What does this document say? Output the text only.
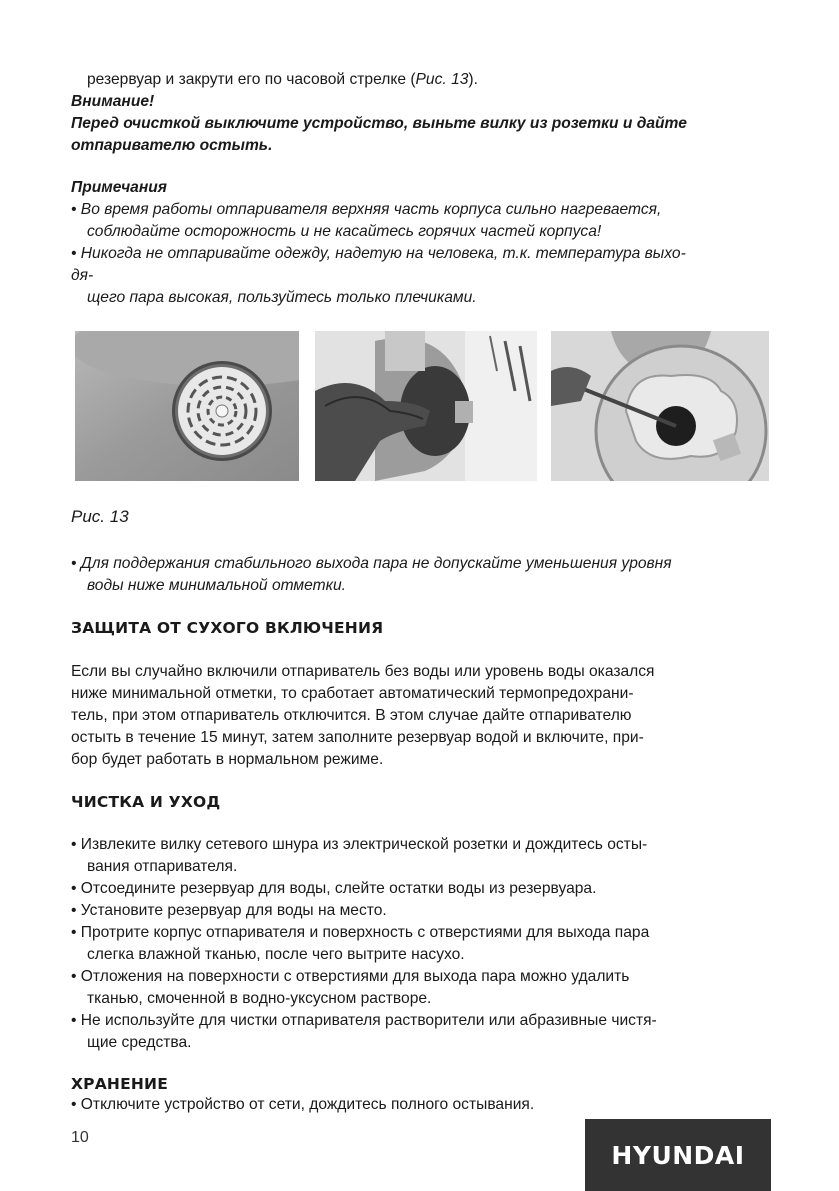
резервуар и закрути его по часовой стрелке (Рис. 13).
Внимание!
Перед очисткой выключите устройство, выньте вилку из розетки и дайте
отпаривателю остыть.
Примечания
• Во время работы отпаривателя верхняя часть корпуса сильно нагревается,
соблюдайте осторожность и не касайтесь горячих частей корпуса!
• Никогда не отпаривайте одежду, надетую на человека, т.к. температура выхо-
дя-
щего пара высокая, пользуйтесь только плечиками.
Рис. 13
• Для поддержания стабильного выхода пара не допускайте уменьшения уровня
воды ниже минимальной отметки.
ЗАЩИТА ОТ СУХОГО ВКЛЮЧЕНИЯ
Если вы случайно включили отпариватель без воды или уровень воды оказался
ниже минимальной отметки, то сработает автоматический термопредохрани-
тель, при этом отпариватель отключится. В этом случае дайте отпаривателю
остыть в течение 15 минут, затем заполните резервуар водой и включите, при-
бор будет работать в нормальном режиме.
ЧИСТКА И УХОД
• Извлеките вилку сетевого шнура из электрической розетки и дождитесь осты-
вания отпаривателя.
• Отсоедините резервуар для воды, слейте остатки воды из резервуара.
• Установите резервуар для воды на место.
• Протрите корпус отпаривателя и поверхность с отверстиями для выхода пара
слегка влажной тканью, после чего вытрите насухо.
• Отложения на поверхности с отверстиями для выхода пара можно удалить
тканью, смоченной в водно-уксусном растворе.
• Не используйте для чистки отпаривателя растворители или абразивные чистя-
щие средства.
ХРАНЕНИЕ
• Отключите устройство от сети, дождитесь полного остывания.
10
HYUNDAI
